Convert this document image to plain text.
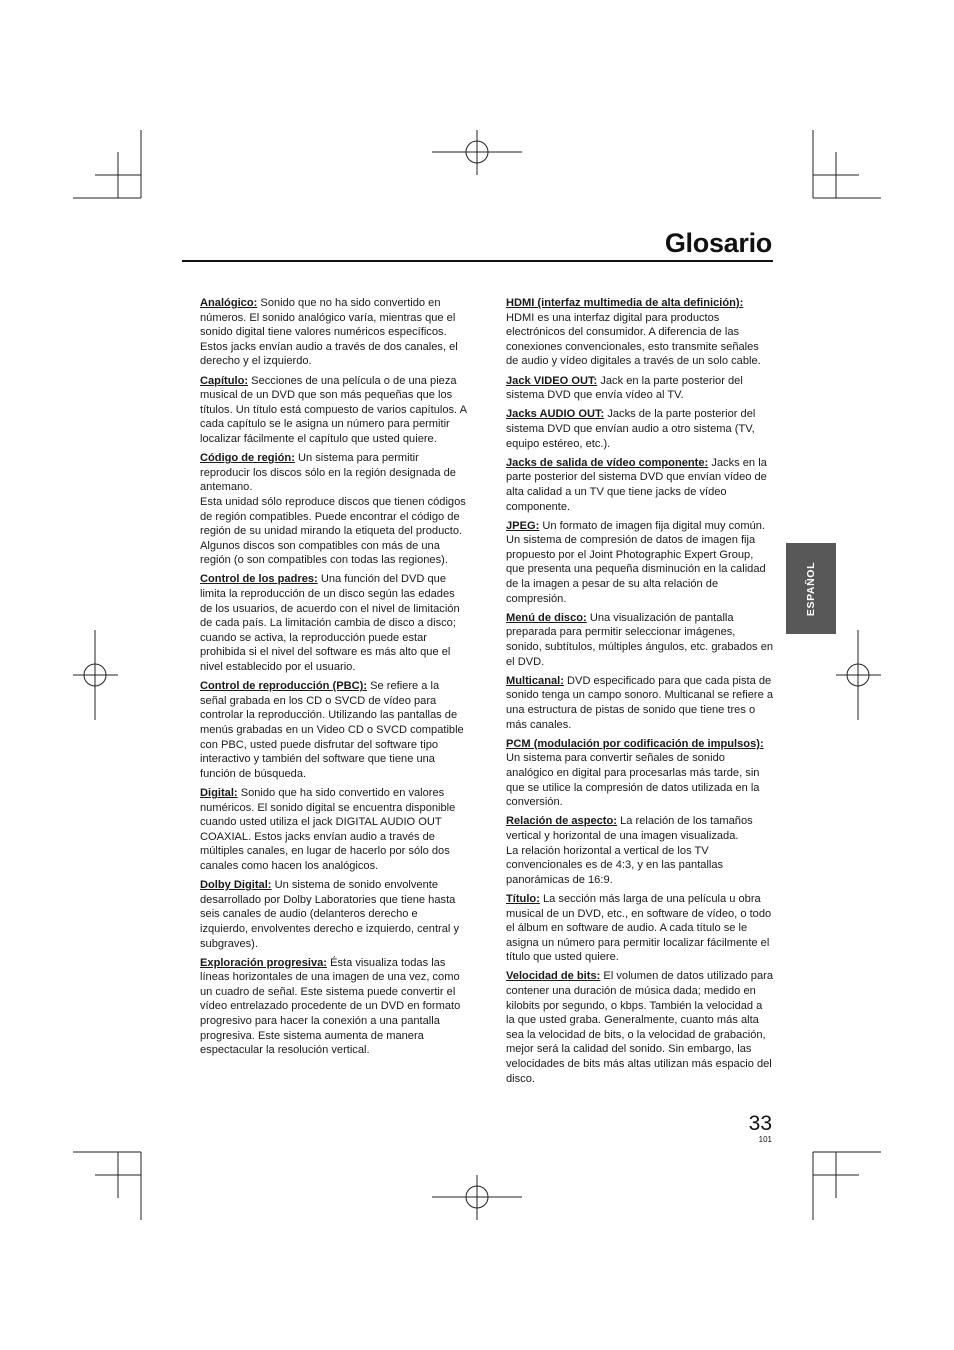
Glosario

Analógico: Sonido que no ha sido convertido en números. El sonido analógico varía, mientras que el sonido digital tiene valores numéricos específicos. Estos jacks envían audio a través de dos canales, el derecho y el izquierdo.

Capítulo: Secciones de una película o de una pieza musical de un DVD que son más pequeñas que los títulos. Un título está compuesto de varios capítulos. A cada capítulo se le asigna un número para permitir localizar fácilmente el capítulo que usted quiere.

Código de región: Un sistema para permitir reproducir los discos sólo en la región designada de antemano.

Esta unidad sólo reproduce discos que tienen códigos de región compatibles. Puede encontrar el código de región de su unidad mirando la etiqueta del producto. Algunos discos son compatibles con más de una región (o son compatibles con todas las regiones).

Control de los padres: Una función del DVD que limita la reproducción de un disco según las edades de los usuarios, de acuerdo con el nivel de limitación de cada país. La limitación cambia de disco a disco; cuando se activa, la reproducción puede estar prohibida si el nivel del software es más alto que el nivel establecido por el usuario.

Control de reproducción (PBC): Se refiere a la señal grabada en los CD o SVCD de vídeo para controlar la reproducción. Utilizando las pantallas de menús grabadas en un Video CD o SVCD compatible con PBC, usted puede disfrutar del software tipo interactivo y también del software que tiene una función de búsqueda.

Digital: Sonido que ha sido convertido en valores numéricos. El sonido digital se encuentra disponible cuando usted utiliza el jack DIGITAL AUDIO OUT COAXIAL. Estos jacks envían audio a través de múltiples canales, en lugar de hacerlo por sólo dos canales como hacen los analógicos.

Dolby Digital: Un sistema de sonido envolvente desarrollado por Dolby Laboratories que tiene hasta seis canales de audio (delanteros derecho e izquierdo, envolventes derecho e izquierdo, central y subgraves).

Exploración progresiva: Ésta visualiza todas las líneas horizontales de una imagen de una vez, como un cuadro de señal. Este sistema puede convertir el vídeo entrelazado procedente de un DVD en formato progresivo para hacer la conexión a una pantalla progresiva. Este sistema aumenta de manera espectacular la resolución vertical.

HDMI (interfaz multimedia de alta definición):
HDMI es una interfaz digital para productos electrónicos del consumidor. A diferencia de las conexiones convencionales, esto transmite señales de audio y vídeo digitales a través de un solo cable.

Jack VIDEO OUT: Jack en la parte posterior del sistema DVD que envía vídeo al TV.

Jacks AUDIO OUT: Jacks de la parte posterior del sistema DVD que envían audio a otro sistema (TV, equipo estéreo, etc.).

Jacks de salida de vídeo componente: Jacks en la parte posterior del sistema DVD que envían vídeo de alta calidad a un TV que tiene jacks de vídeo componente.

JPEG: Un formato de imagen fija digital muy común. Un sistema de compresión de datos de imagen fija propuesto por el Joint Photographic Expert Group, que presenta una pequeña disminución en la calidad de la imagen a pesar de su alta relación de compresión.

Menú de disco: Una visualización de pantalla preparada para permitir seleccionar imágenes, sonido, subtítulos, múltiples ángulos, etc. grabados en el DVD.

Multicanal: DVD especificado para que cada pista de sonido tenga un campo sonoro. Multicanal se refiere a una estructura de pistas de sonido que tiene tres o más canales.

PCM (modulación por codificación de impulsos):
Un sistema para convertir señales de sonido analógico en digital para procesarlas más tarde, sin que se utilice la compresión de datos utilizada en la conversión.

Relación de aspecto: La relación de los tamaños vertical y horizontal de una imagen visualizada.

La relación horizontal a vertical de los TV convencionales es de 4:3, y en las pantallas panorámicas de 16:9.

Título: La sección más larga de una película u obra musical de un DVD, etc., en software de vídeo, o todo el álbum en software de audio. A cada título se le asigna un número para permitir localizar fácilmente el título que usted quiere.

Velocidad de bits: El volumen de datos utilizado para contener una duración de música dada; medido en kilobits por segundo, o kbps. También la velocidad a la que usted graba. Generalmente, cuanto más alta sea la velocidad de bits, o la velocidad de grabación, mejor será la calidad del sonido. Sin embargo, las velocidades de bits más altas utilizan más espacio del disco.

ESPAÑOL
33
101
